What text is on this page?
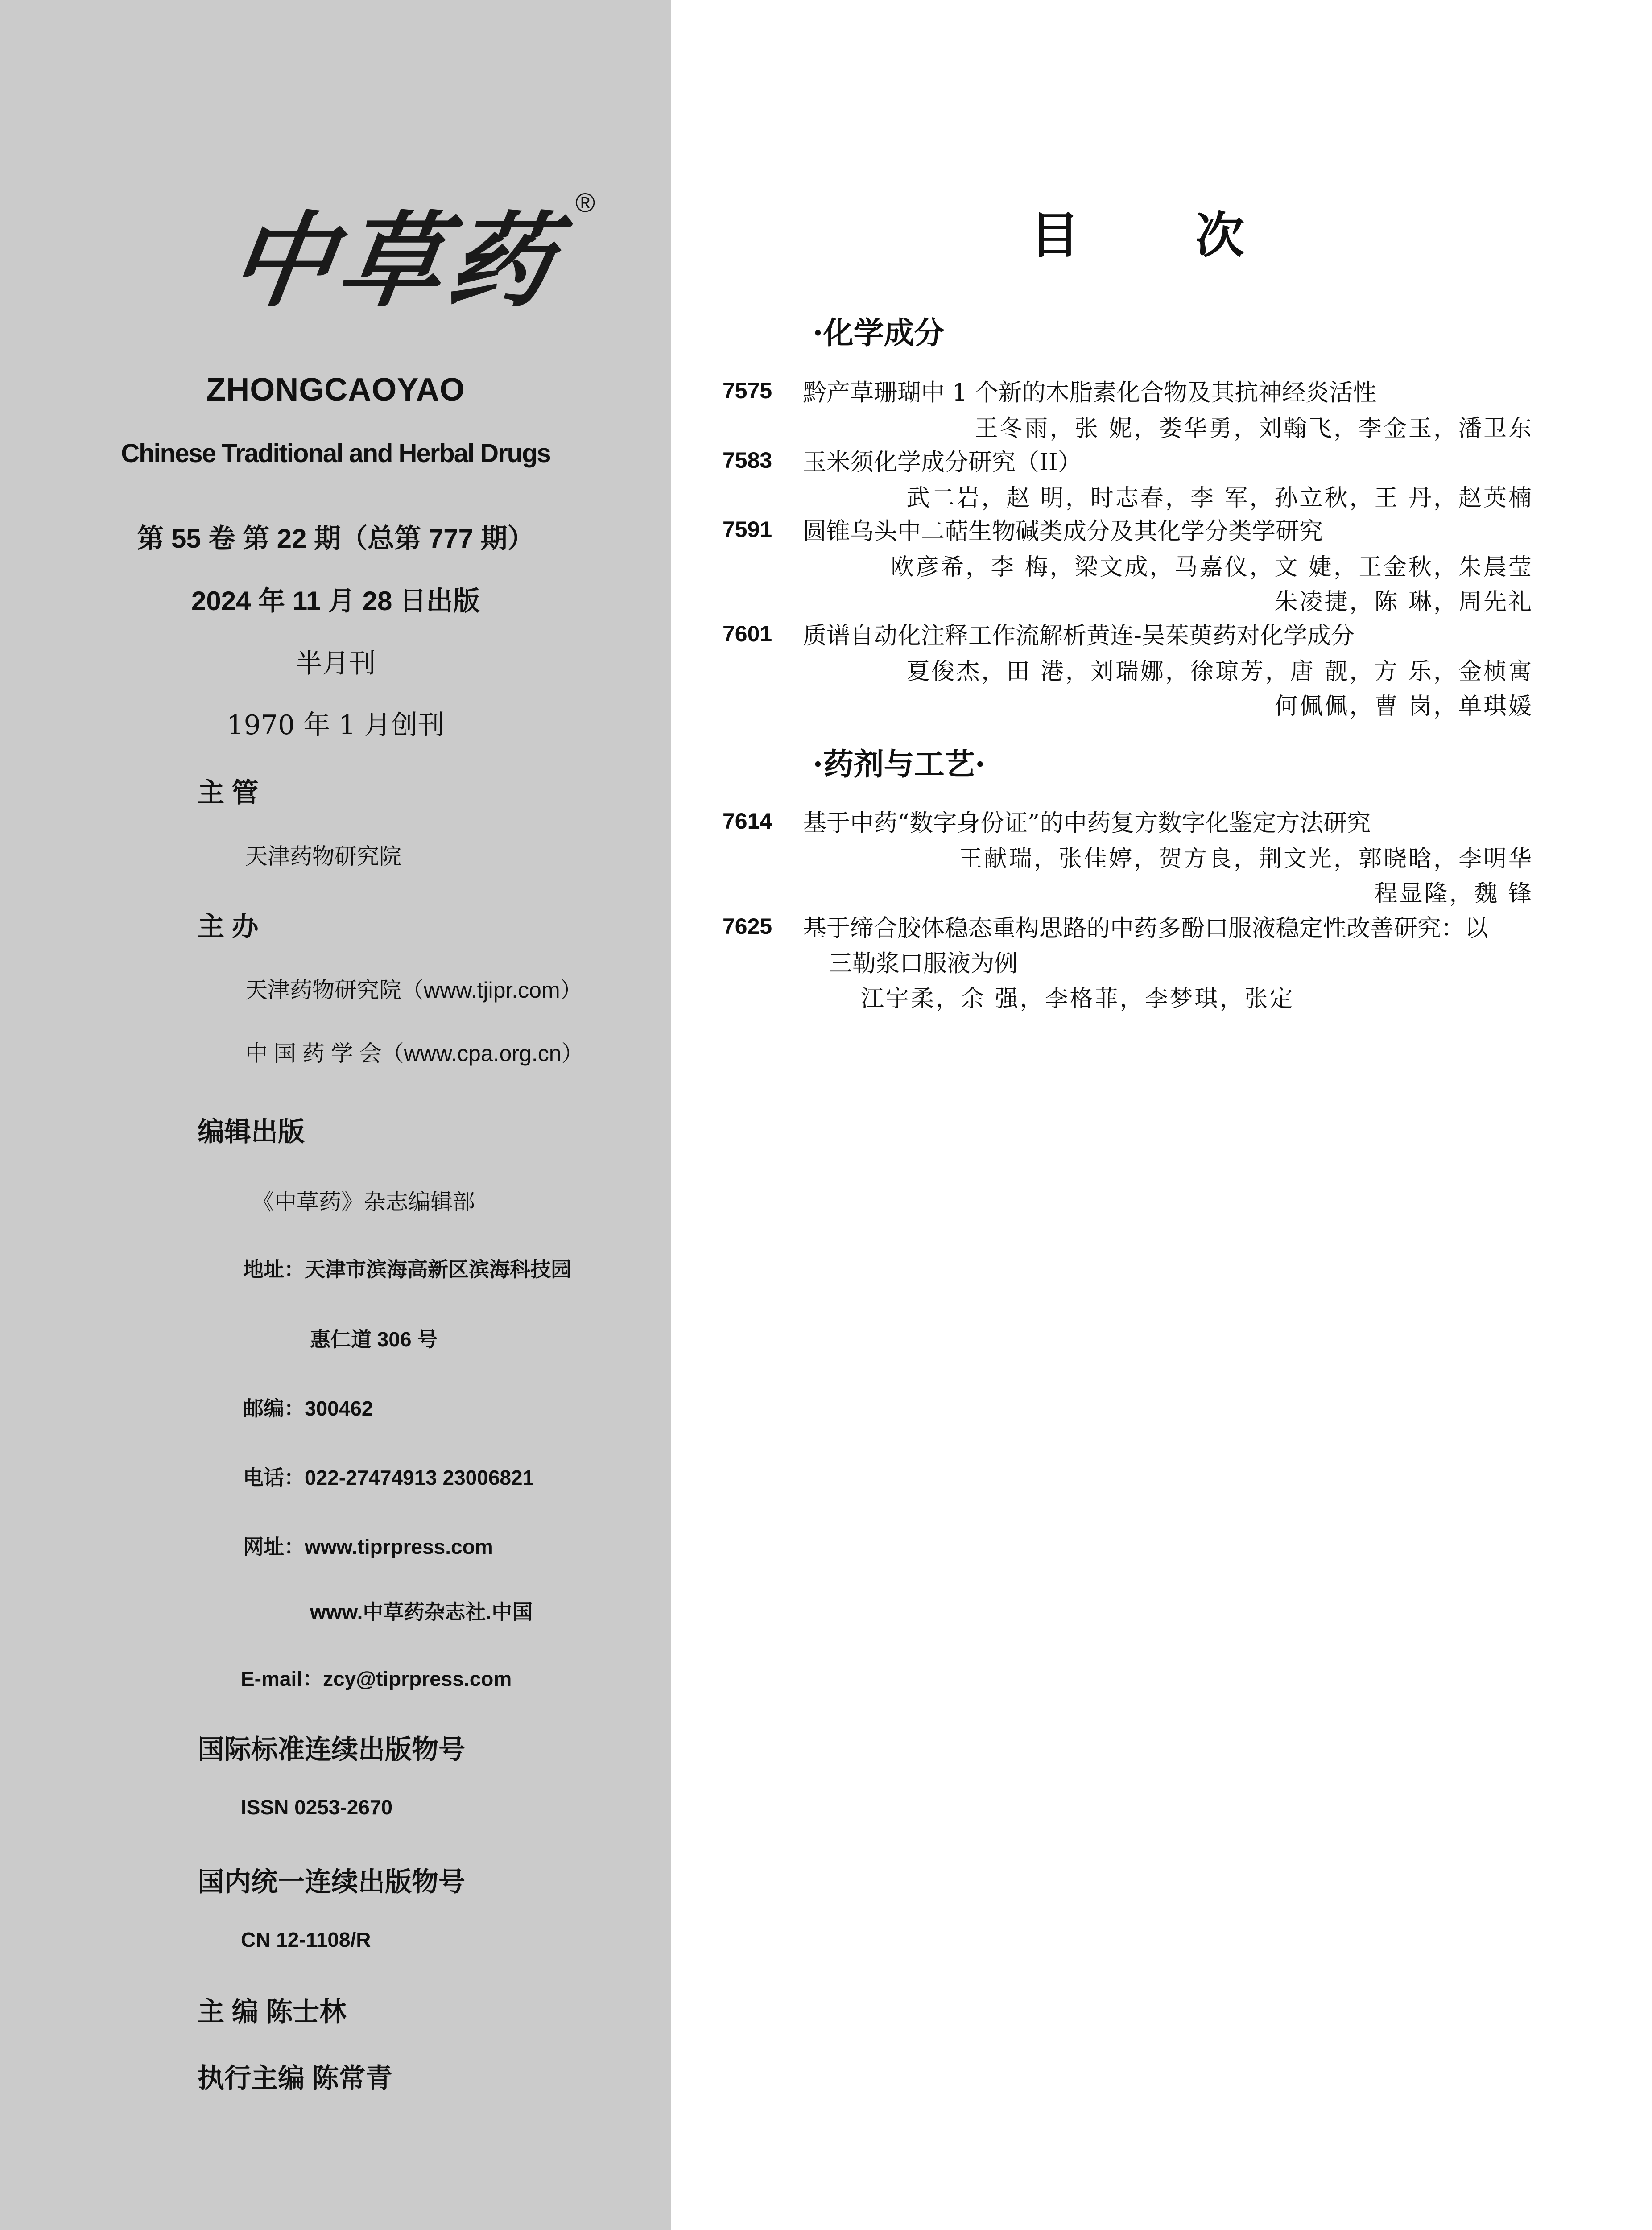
中
草
药 ®
ZHONGCAOYAO
Chinese Traditional and Herbal Drugs
第 55 卷 第 22 期（总第 777 期）
2024 年 11 月 28 日出版
半月刊
1970 年 1 月创刊
主 管
天津药物研究院
主 办
天津药物研究院（www.tjipr.com）
中 国 药 学 会（www.cpa.org.cn）
编辑出版
《中草药》杂志编辑部
地址：天津市滨海高新区滨海科技园
惠仁道 306 号
邮编：300462
电话：022-27474913 23006821
网址：www.tiprpress.com
www.中草药杂志社.中国
E-mail：zcy@tiprpress.com
国际标准连续出版物号
ISSN 0253-2670
国内统一连续出版物号
CN 12-1108/R
主 编 陈士林
执行主编 陈常青
目次
·化学成分
7575 黔产草珊瑚中 1 个新的木脂素化合物及其抗神经炎活性
王冬雨，张 妮，娄华勇，刘翰飞，李金玉，潘卫东
7583 玉米须化学成分研究（II）
武二岩，赵 明，时志春，李 军，孙立秋，王 丹，赵英楠
7591 圆锥乌头中二萜生物碱类成分及其化学分类学研究
欧彦希，李 梅，梁文成，马嘉仪，文 婕，王金秋，朱晨莹
朱凌捷，陈 琳，周先礼
7601 质谱自动化注释工作流解析黄连-吴茱萸药对化学成分
夏俊杰，田 港，刘瑞娜，徐琼芳，唐 靓，方 乐，金桢寓
何佩佩，曹 岗，单琪媛
·药剂与工艺·
7614 基于中药“数字身份证”的中药复方数字化鉴定方法研究
王献瑞，张佳婷，贺方良，荆文光，郭晓晗，李明华
程显隆，魏 锋
7625 基于缔合胶体稳态重构思路的中药多酚口服液稳定性改善研究：以
三勒浆口服液为例
江宇柔，余 强，李格菲，李梦琪，张定
